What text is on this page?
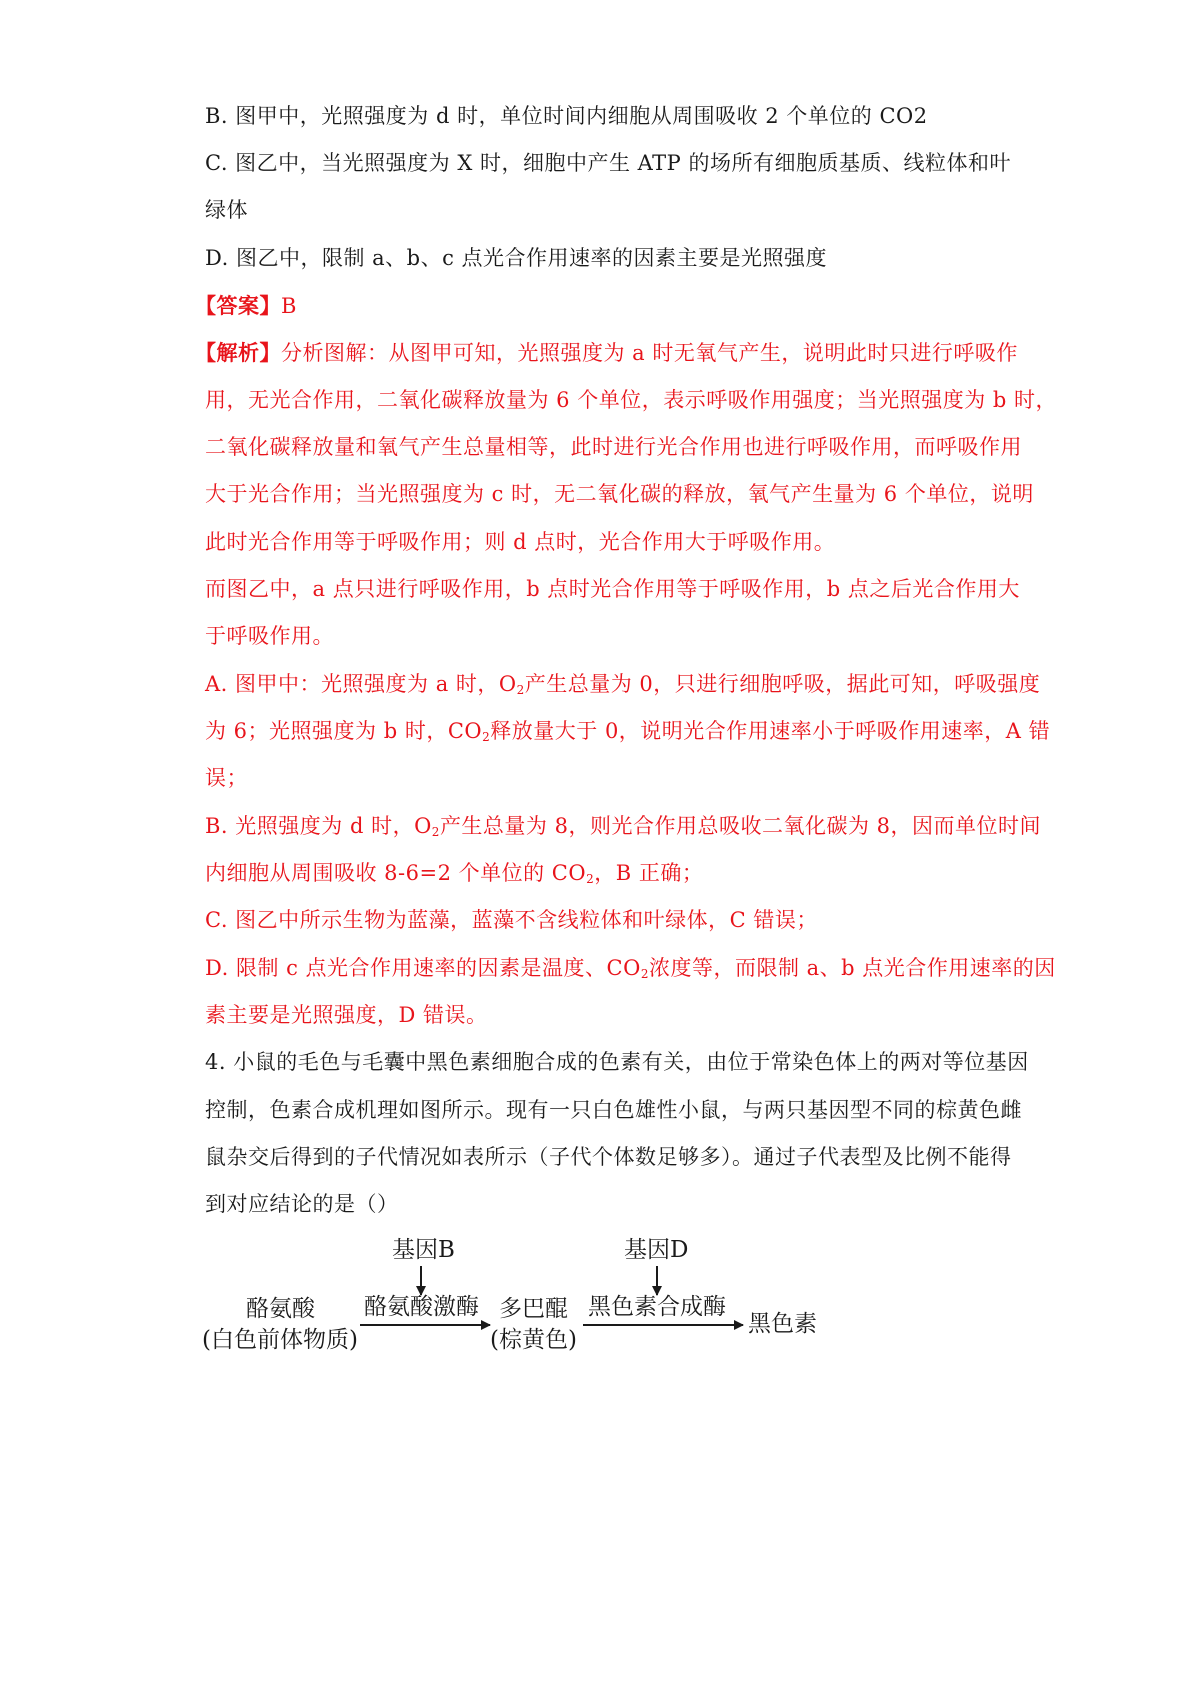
B. 图甲中，光照强度为 d 时，单位时间内细胞从周围吸收 2 个单位的 CO2
C. 图乙中，当光照强度为 X 时，细胞中产生 ATP 的场所有细胞质基质、线粒体和叶
绿体
D. 图乙中，限制 a、b、c 点光合作用速率的因素主要是光照强度
【答案】B
【解析】分析图解：从图甲可知，光照强度为 a 时无氧气产生，说明此时只进行呼吸作
用，无光合作用，二氧化碳释放量为 6 个单位，表示呼吸作用强度；当光照强度为 b 时，
二氧化碳释放量和氧气产生总量相等，此时进行光合作用也进行呼吸作用，而呼吸作用
大于光合作用；当光照强度为 c 时，无二氧化碳的释放，氧气产生量为 6 个单位，说明
此时光合作用等于呼吸作用；则 d 点时，光合作用大于呼吸作用。
而图乙中，a 点只进行呼吸作用，b 点时光合作用等于呼吸作用，b 点之后光合作用大
于呼吸作用。
A. 图甲中：光照强度为 a 时，$O_2$产生总量为 0，只进行细胞呼吸，据此可知，呼吸强度
为 6；光照强度为 b 时，$CO_2$释放量大于 0，说明光合作用速率小于呼吸作用速率，A 错
误；
B. 光照强度为 d 时，$O_2$产生总量为 8，则光合作用总吸收二氧化碳为 8，因而单位时间
内细胞从周围吸收 8-6=2 个单位的 $CO_2$，B 正确；
C. 图乙中所示生物为蓝藻，蓝藻不含线粒体和叶绿体，C 错误；
D. 限制 c 点光合作用速率的因素是温度、$CO_2$浓度等，而限制 a、b 点光合作用速率的因
素主要是光照强度，D 错误。
4. 小鼠的毛色与毛囊中黑色素细胞合成的色素有关，由位于常染色体上的两对等位基因
控制，色素合成机理如图所示。现有一只白色雄性小鼠，与两只基因型不同的棕黄色雌
鼠杂交后得到的子代情况如表所示（子代个体数足够多）。通过子代表型及比例不能得
到对应结论的是（）
基因B	基因D
酪氨酸
(白色前体物质)
酪氨酸激酶 多巴醌
(棕黄色)
黑色素合成酶
黑色素
